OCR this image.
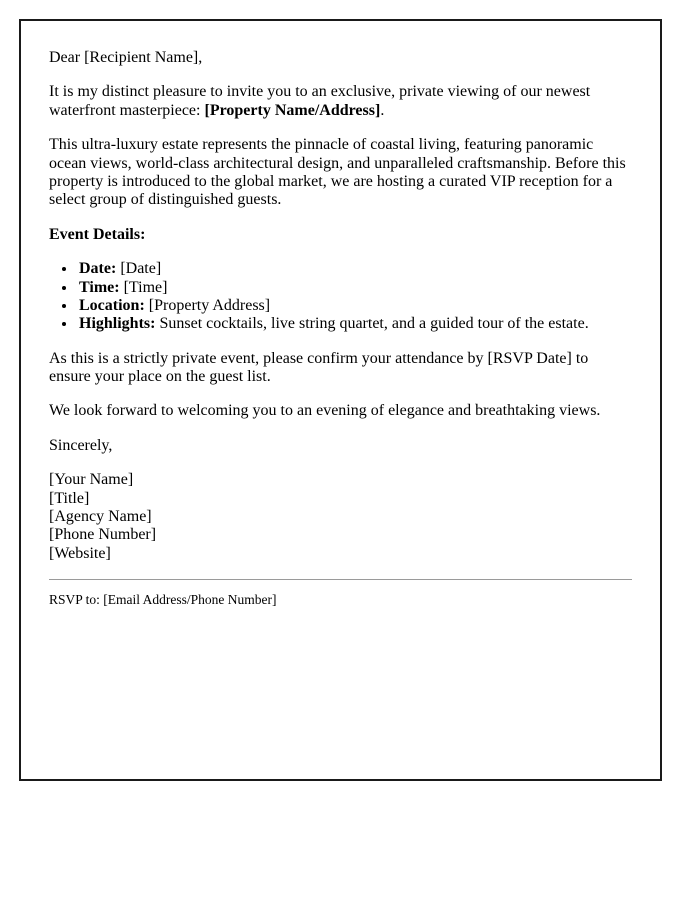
Dear [Recipient Name],

It is my distinct pleasure to invite you to an exclusive, private viewing of our newest waterfront masterpiece: [Property Name/Address].

This ultra-luxury estate represents the pinnacle of coastal living, featuring panoramic ocean views, world-class architectural design, and unparalleled craftsmanship. Before this property is introduced to the global market, we are hosting a curated VIP reception for a select group of distinguished guests.

Event Details:

• Date: [Date]
• Time: [Time]
• Location: [Property Address]
• Highlights: Sunset cocktails, live string quartet, and a guided tour of the estate.

As this is a strictly private event, please confirm your attendance by [RSVP Date] to ensure your place on the guest list.

We look forward to welcoming you to an evening of elegance and breathtaking views.

Sincerely,

[Your Name]
[Title]
[Agency Name]
[Phone Number]
[Website]

RSVP to: [Email Address/Phone Number]
